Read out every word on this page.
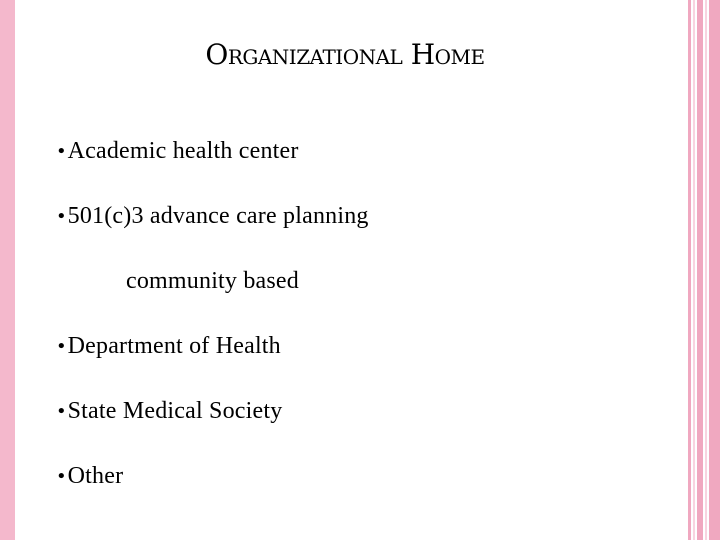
Organizational Home
• Academic health center
• 501(c)3 advance care planning
community based
• Department of Health
• State Medical Society
• Other
